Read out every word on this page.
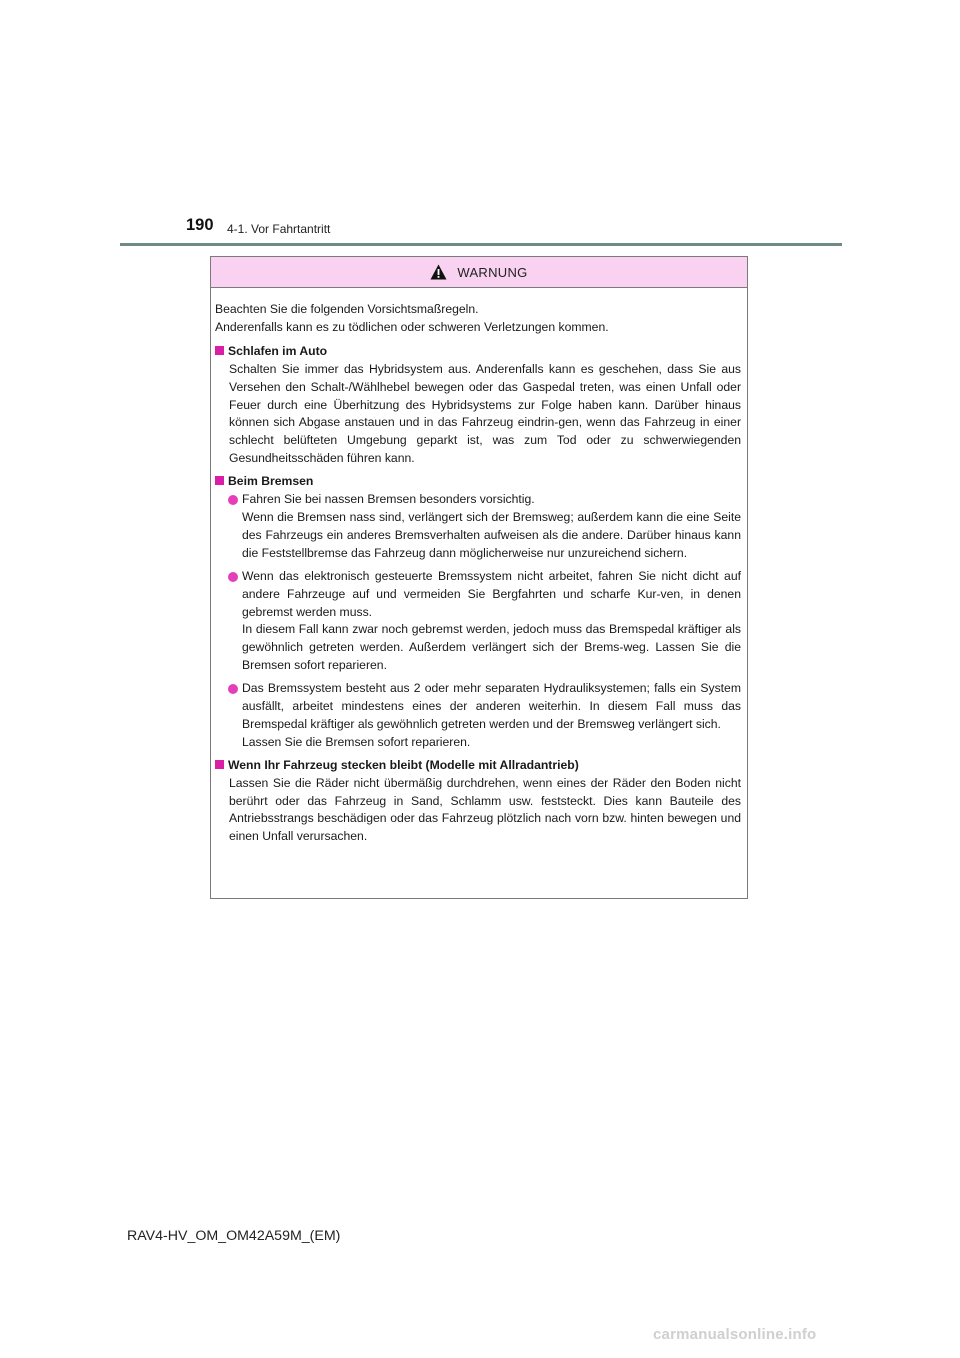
190 4-1. Vor Fahrtantritt
WARNUNG

Beachten Sie die folgenden Vorsichtsmaßregeln.

Anderenfalls kann es zu tödlichen oder schweren Verletzungen kommen.

Schlafen im Auto

Schalten Sie immer das Hybridsystem aus. Anderenfalls kann es geschehen, dass Sie aus Versehen den Schalt-/Wählhebel bewegen oder das Gaspedal treten, was einen Unfall oder Feuer durch eine Überhitzung des Hybridsystems zur Folge haben kann. Darüber hinaus können sich Abgase anstauen und in das Fahrzeug eindrin-gen, wenn das Fahrzeug in einer schlecht belüfteten Umgebung geparkt ist, was zum Tod oder zu schwerwiegenden Gesundheitsschäden führen kann.

Beim Bremsen

Fahren Sie bei nassen Bremsen besonders vorsichtig.

Wenn die Bremsen nass sind, verlängert sich der Bremsweg; außerdem kann die eine Seite des Fahrzeugs ein anderes Bremsverhalten aufweisen als die andere. Darüber hinaus kann die Feststellbremse das Fahrzeug dann möglicherweise nur unzureichend sichern.

Wenn das elektronisch gesteuerte Bremssystem nicht arbeitet, fahren Sie nicht dicht auf andere Fahrzeuge auf und vermeiden Sie Bergfahrten und scharfe Kur-ven, in denen gebremst werden muss.

In diesem Fall kann zwar noch gebremst werden, jedoch muss das Bremspedal kräftiger als gewöhnlich getreten werden. Außerdem verlängert sich der Brems-weg. Lassen Sie die Bremsen sofort reparieren.

Das Bremssystem besteht aus 2 oder mehr separaten Hydrauliksystemen; falls ein System ausfällt, arbeitet mindestens eines der anderen weiterhin. In diesem Fall muss das Bremspedal kräftiger als gewöhnlich getreten werden und der Bremsweg verlängert sich.

Lassen Sie die Bremsen sofort reparieren.

Wenn Ihr Fahrzeug stecken bleibt (Modelle mit Allradantrieb)

Lassen Sie die Räder nicht übermäßig durchdrehen, wenn eines der Räder den Boden nicht berührt oder das Fahrzeug in Sand, Schlamm usw. feststeckt. Dies kann Bauteile des Antriebsstrangs beschädigen oder das Fahrzeug plötzlich nach vorn bzw. hinten bewegen und einen Unfall verursachen.

RAV4-HV_OM_OM42A59M_(EM)
carmanualsonline.info
